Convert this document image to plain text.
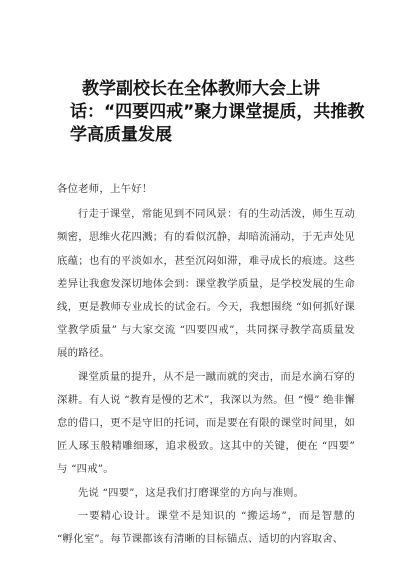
教学副校长在全体教师大会上讲话：“四要四戒”聚力课堂提质，共推教学高质量发展

各位老师，上午好！

行走于课堂，常能见到不同风景：有的生动活泼，师生互动频密，思维火花四溅；有的看似沉静，却暗流涌动，于无声处见底蕴；也有的平淡如水，甚至沉闷如滞，难寻成长的痕迹。这些差异让我愈发深切地体会到：课堂教学质量，是学校发展的生命线，更是教师专业成长的试金石。今天，我想围绕 “如何抓好课堂教学质量” 与大家交流 “四要四戒”，共同探寻教学高质量发展的路径。

课堂质量的提升，从不是一蹴而就的突击，而是水滴石穿的深耕。有人说 “教育是慢的艺术”，我深以为然。但 “慢” 绝非懈怠的借口，更不是守旧的托词，而是要在有限的课堂时间里，如匠人琢玉般精雕细琢，追求极致。这其中的关键，便在 “四要” 与 “四戒”。

先说 “四要”，这是我们打磨课堂的方向与准则。

一要精心设计。课堂不是知识的 “搬运场”，而是智慧的 “孵化室”。每节课都该有清晰的目标锚点、适切的内容取舍、
